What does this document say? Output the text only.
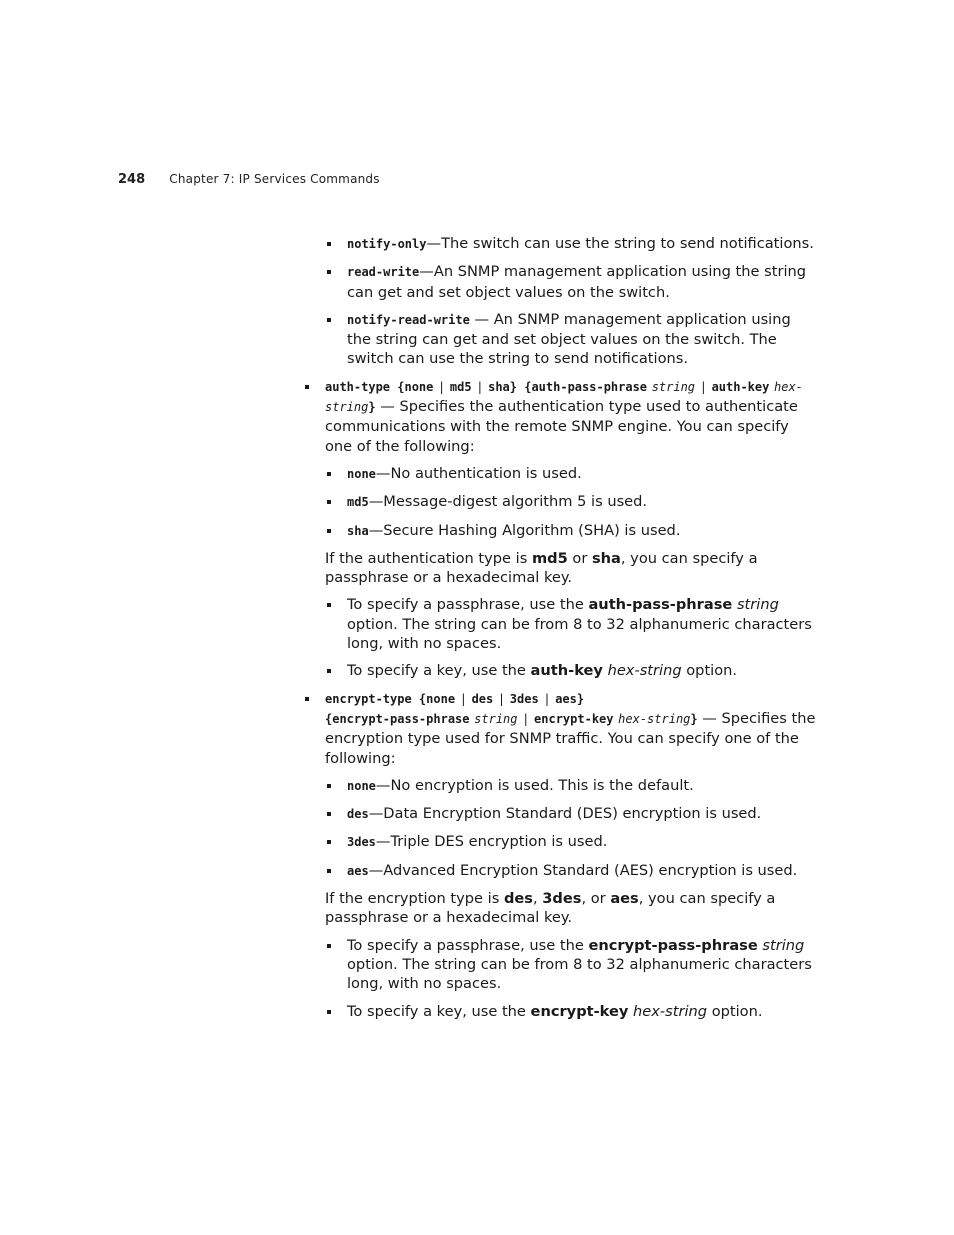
248 Chapter 7: IP Services Commands
notify-only—The switch can use the string to send notifications.
read-write—An SNMP management application using the string can get and set object values on the switch.
notify-read-write — An SNMP management application using the string can get and set object values on the switch. The switch can use the string to send notifications.
auth-type {none | md5 | sha} {auth-pass-phrase string | auth-key hex-string} — Specifies the authentication type used to authenticate communications with the remote SNMP engine. You can specify one of the following:
none—No authentication is used.
md5—Message-digest algorithm 5 is used.
sha—Secure Hashing Algorithm (SHA) is used.
If the authentication type is md5 or sha, you can specify a passphrase or a hexadecimal key.
To specify a passphrase, use the auth-pass-phrase string option. The string can be from 8 to 32 alphanumeric characters long, with no spaces.
To specify a key, use the auth-key hex-string option.
encrypt-type {none | des | 3des | aes}
{encrypt-pass-phrase string | encrypt-key hex-string} — Specifies the encryption type used for SNMP traffic. You can specify one of the following:
none—No encryption is used. This is the default.
des—Data Encryption Standard (DES) encryption is used.
3des—Triple DES encryption is used.
aes—Advanced Encryption Standard (AES) encryption is used.
If the encryption type is des, 3des, or aes, you can specify a passphrase or a hexadecimal key.
To specify a passphrase, use the encrypt-pass-phrase string option. The string can be from 8 to 32 alphanumeric characters long, with no spaces.
To specify a key, use the encrypt-key hex-string option.
